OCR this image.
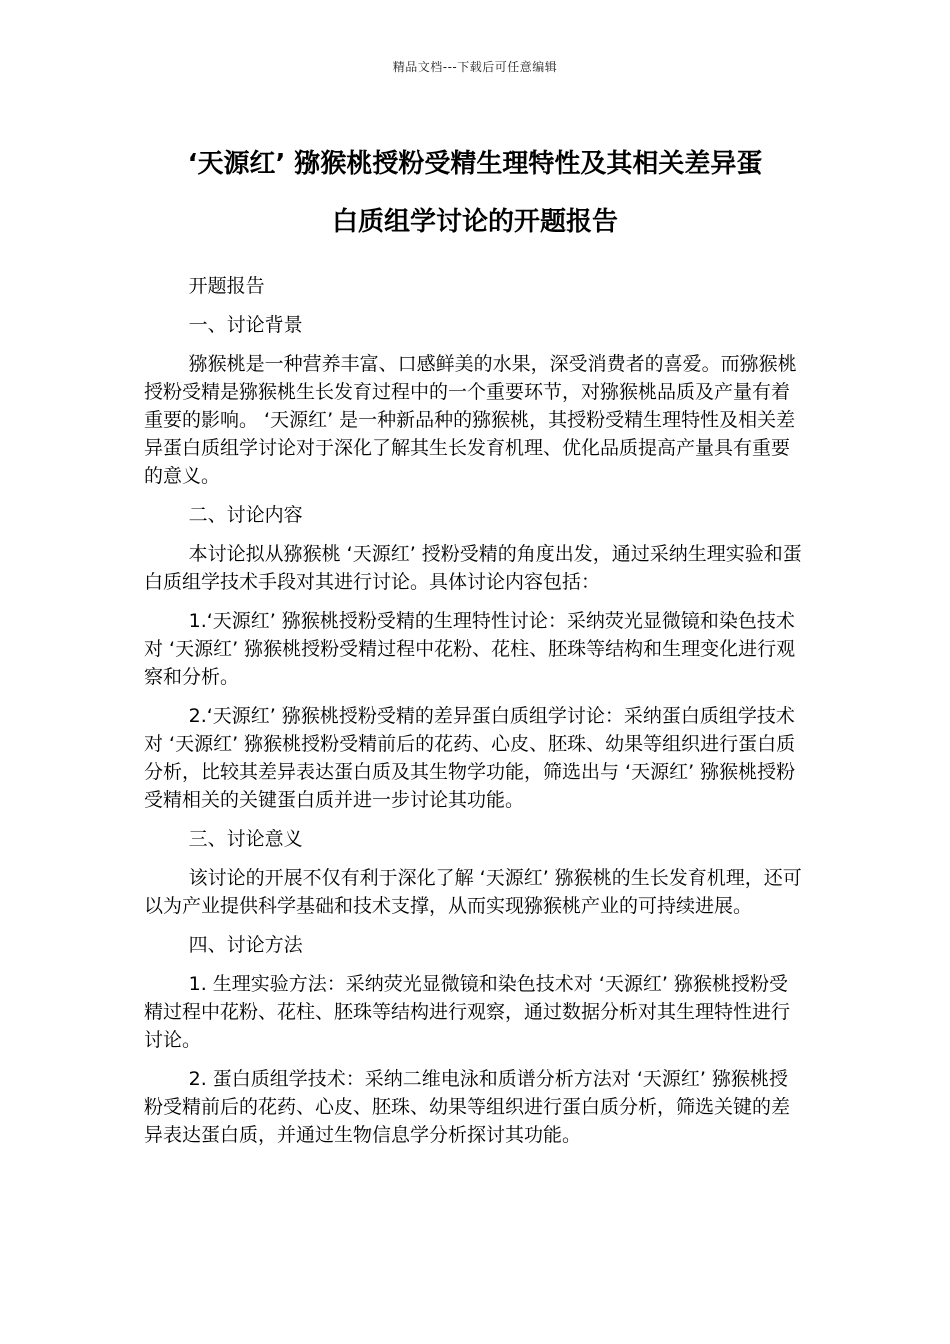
精品文档---下载后可任意编辑
‘天源红’ 猕猴桃授粉受精生理特性及其相关差异蛋
白质组学讨论的开题报告

开题报告

一、讨论背景

猕猴桃是一种营养丰富、口感鲜美的水果，深受消费者的喜爱。而猕猴桃授粉受精是猕猴桃生长发育过程中的一个重要环节，对猕猴桃品质及产量有着重要的影响。 ‘天源红’ 是一种新品种的猕猴桃，其授粉受精生理特性及相关差异蛋白质组学讨论对于深化了解其生长发育机理、优化品质提高产量具有重要的意义。

二、讨论内容

本讨论拟从猕猴桃 ‘天源红’ 授粉受精的角度出发，通过采纳生理实验和蛋白质组学技术手段对其进行讨论。具体讨论内容包括：

1.‘天源红’ 猕猴桃授粉受精的生理特性讨论：采纳荧光显微镜和染色技术对 ‘天源红’ 猕猴桃授粉受精过程中花粉、花柱、胚珠等结构和生理变化进行观察和分析。

2.‘天源红’ 猕猴桃授粉受精的差异蛋白质组学讨论：采纳蛋白质组学技术对 ‘天源红’ 猕猴桃授粉受精前后的花药、心皮、胚珠、幼果等组织进行蛋白质分析，比较其差异表达蛋白质及其生物学功能，筛选出与 ‘天源红’ 猕猴桃授粉受精相关的关键蛋白质并进一步讨论其功能。

三、讨论意义

该讨论的开展不仅有利于深化了解 ‘天源红’ 猕猴桃的生长发育机理，还可以为产业提供科学基础和技术支撑，从而实现猕猴桃产业的可持续进展。

四、讨论方法

1. 生理实验方法：采纳荧光显微镜和染色技术对 ‘天源红’ 猕猴桃授粉受精过程中花粉、花柱、胚珠等结构进行观察，通过数据分析对其生理特性进行讨论。

2. 蛋白质组学技术：采纳二维电泳和质谱分析方法对 ‘天源红’ 猕猴桃授粉受精前后的花药、心皮、胚珠、幼果等组织进行蛋白质分析，筛选关键的差异表达蛋白质，并通过生物信息学分析探讨其功能。
